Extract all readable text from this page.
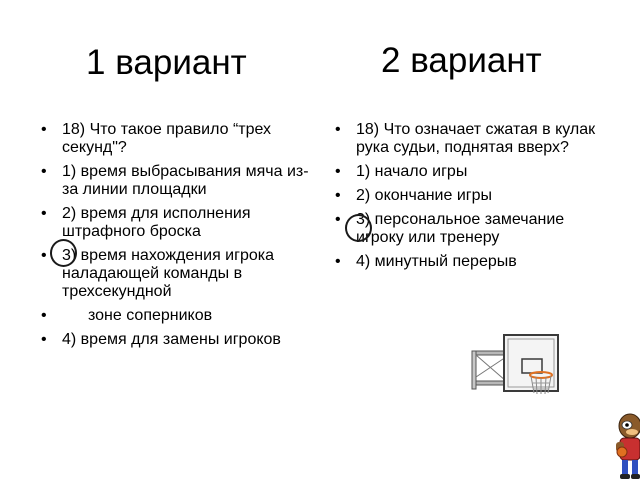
1 вариант	2 вариант
• 18) Что такое правило “трех секунд"?
• 1) время выбрасывания мяча из-за линии площадки
• 2) время для исполнения штрафного броска
• 3) время нахождения игрока наладающей команды в трехсекундной
• зоне соперников
• 4) время для замены игроков
• 18) Что означает сжатая в кулак рука судьи, поднятая вверх?
• 1) начало игры
• 2) окончание игры
• 3) персональное замечание игроку или тренеру
• 4) минутный перерыв
